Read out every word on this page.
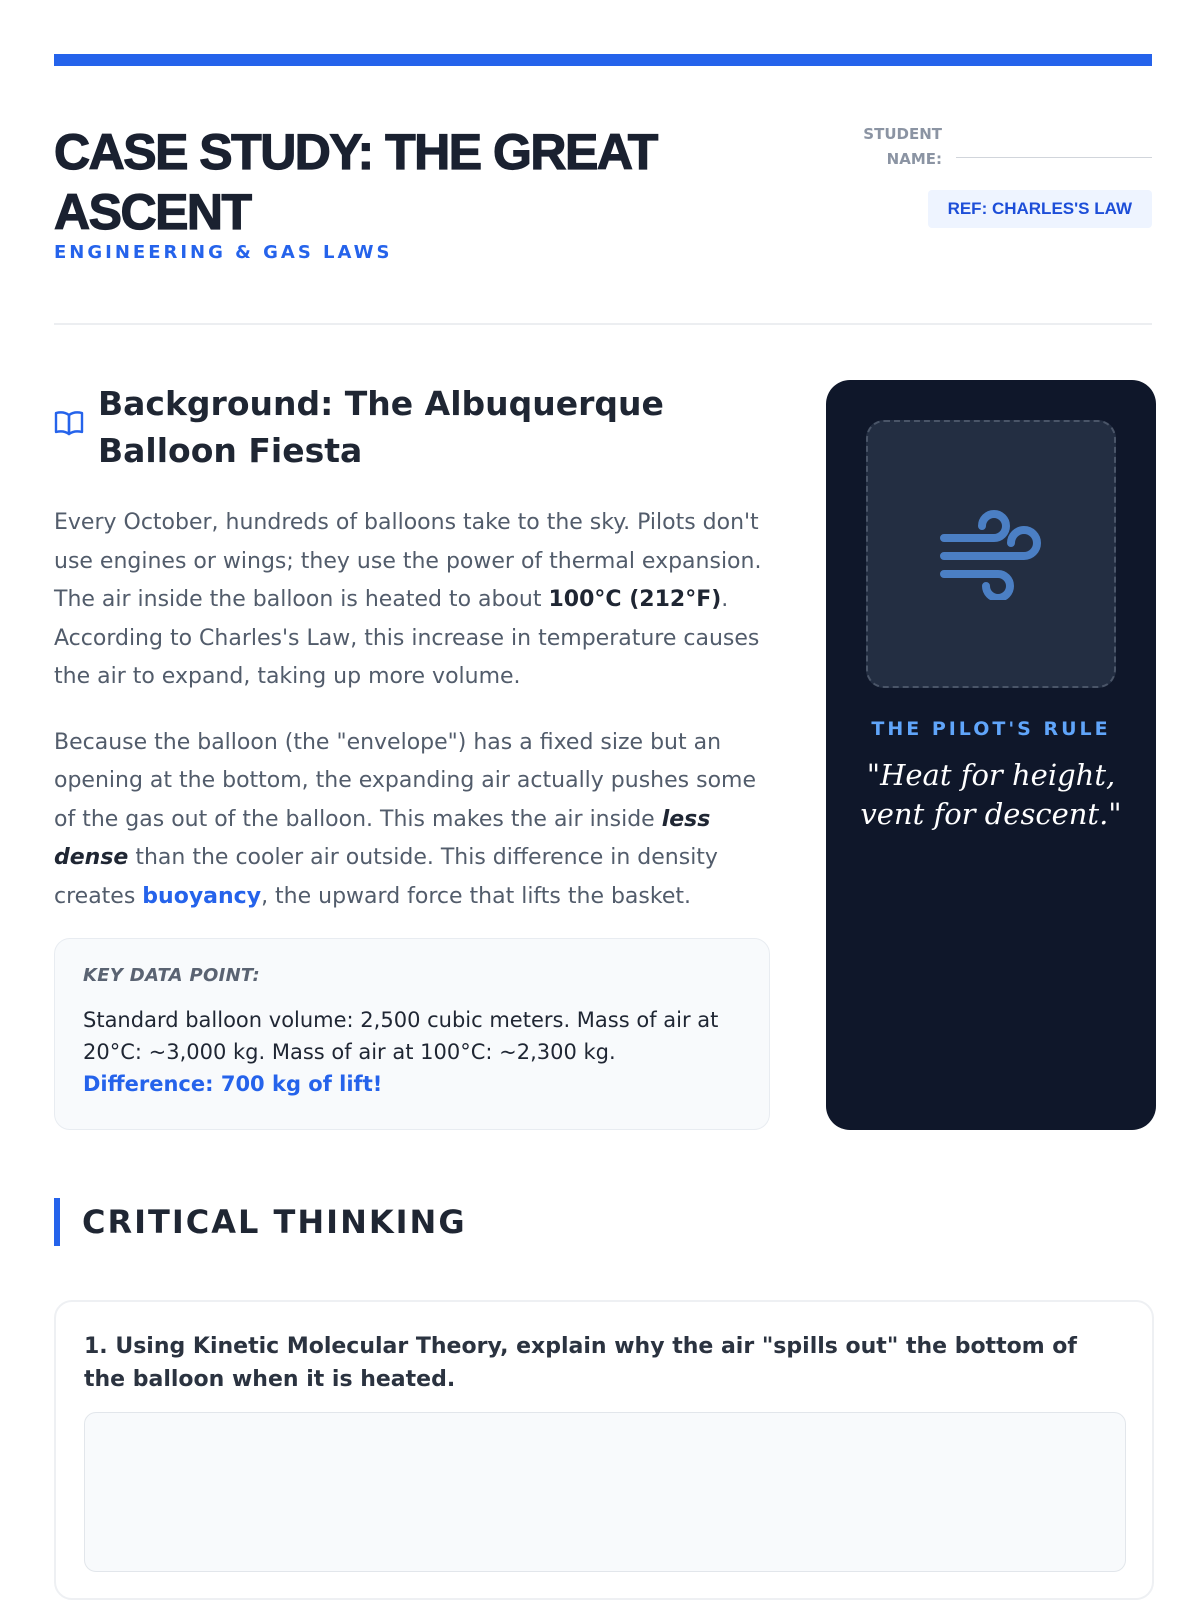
CASE STUDY: THE GREAT ASCENT
ENGINEERING & GAS LAWS
STUDENT NAME:
REF: CHARLES'S LAW
Background: The Albuquerque Balloon Fiesta

Every October, hundreds of balloons take to the sky. Pilots don't use engines or wings; they use the power of thermal expansion. The air inside the balloon is heated to about 100°C (212°F). According to Charles's Law, this increase in temperature causes the air to expand, taking up more volume.

Because the balloon (the "envelope") has a fixed size but an opening at the bottom, the expanding air actually pushes some of the gas out of the balloon. This makes the air inside less dense than the cooler air outside. This difference in density creates buoyancy, the upward force that lifts the basket.

KEY DATA POINT:
Standard balloon volume: 2,500 cubic meters. Mass of air at 20°C: ~3,000 kg. Mass of air at 100°C: ~2,300 kg.
Difference: 700 kg of lift!
THE PILOT'S RULE
"Heat for height, vent for descent."
CRITICAL THINKING
1. Using Kinetic Molecular Theory, explain why the air "spills out" the bottom of the balloon when it is heated.
